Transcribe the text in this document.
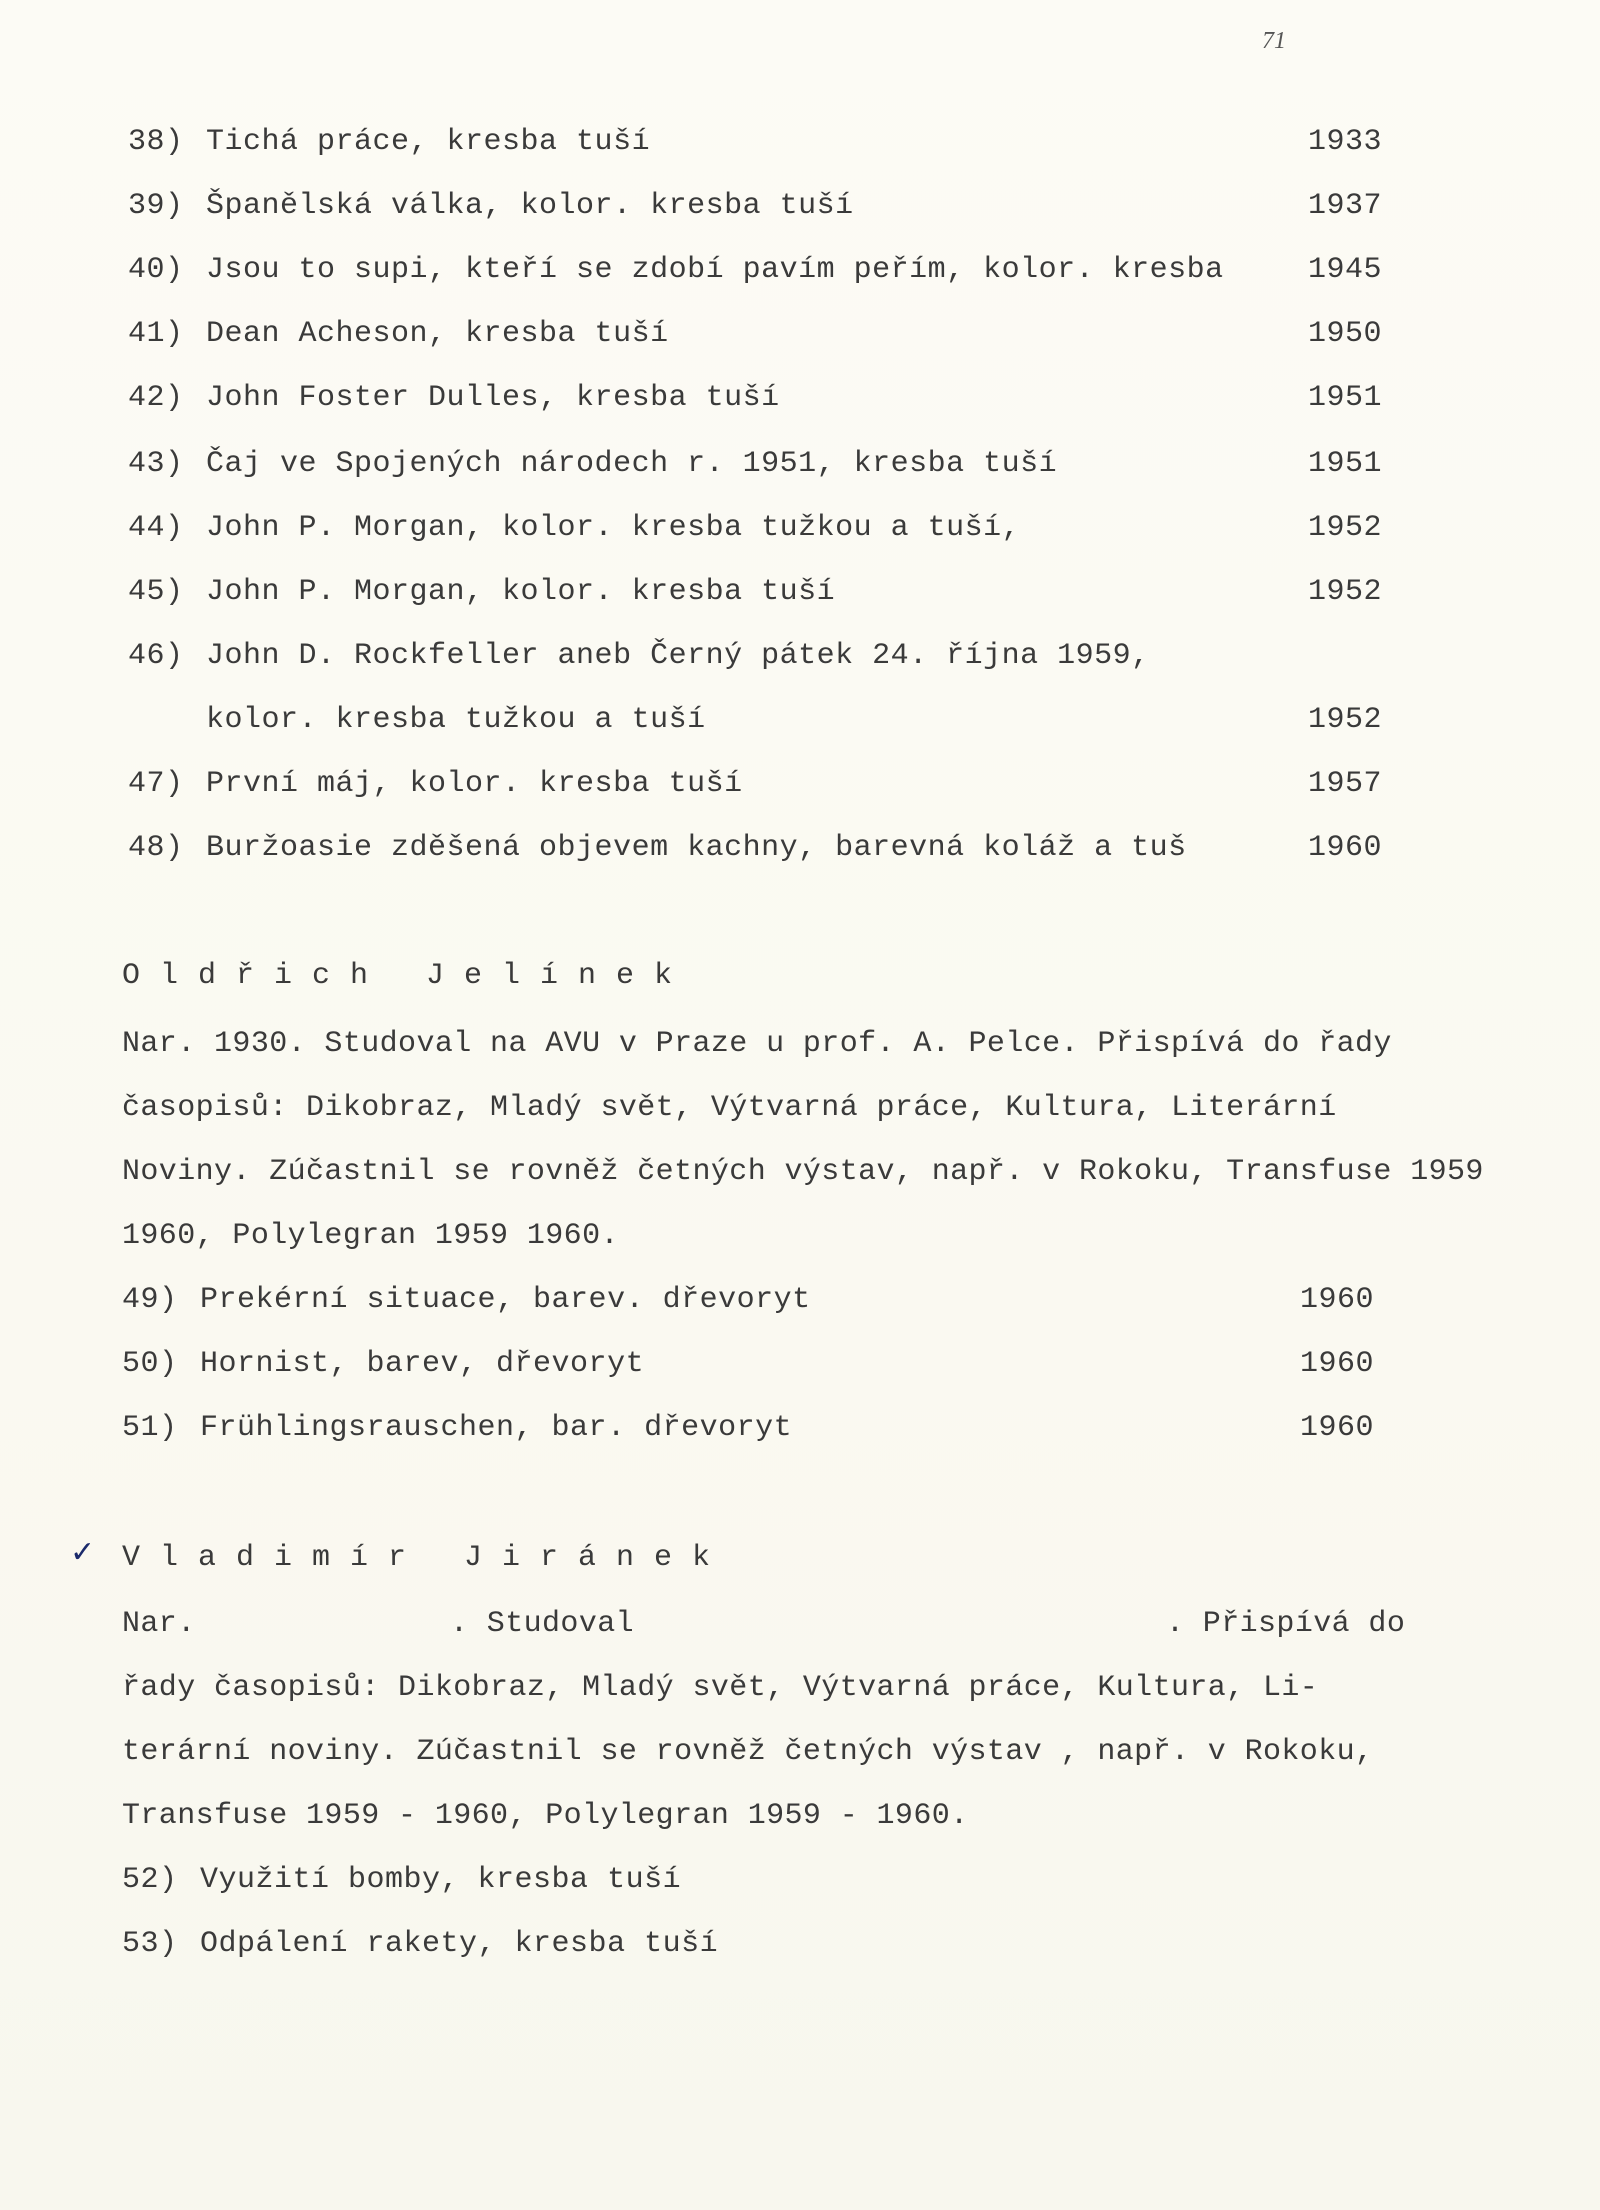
71
38) Tichá práce, kresba tuší	1933
39) Španělská válka, kolor. kresba tuší	1937
40) Jsou to supi, kteří se zdobí pavím peřím, kolor. kresba	1945
41) Dean Acheson, kresba tuší	1950
42) John Foster Dulles, kresba tuší	1951
43) Čaj ve Spojených národech r. 1951, kresba tuší	1951
44) John P. Morgan, kolor. kresba tužkou a tuší,	1952
45) John P. Morgan, kolor. kresba tuší	1952
46) John D. Rockfeller aneb Černý pátek 24. října 1959,
kolor. kresba tužkou a tuší	1952
47) První máj, kolor. kresba tuší	1957
48) Buržoasie zděšená objevem kachny, barevná koláž a tuš	1960
Oldřich Jelínek
Nar. 1930. Studoval na AVU v Praze u prof. A. Pelce. Přispívá do řady
časopisů: Dikobraz, Mladý svět, Výtvarná práce, Kultura, Literární
Noviny. Zúčastnil se rovněž četných výstav, např. v Rokoku, Transfuse 1959
1960, Polylegran 1959 1960.
49) Prekérní situace, barev. dřevoryt	1960
50) Hornist, barev, dřevoryt	1960
51) Frühlingsrauschen, bar. dřevoryt	1960
✓ Vladimír Jiránek
Nar.	. Studoval	. Přispívá do
řady časopisů: Dikobraz, Mladý svět, Výtvarná práce, Kultura, Li-
terární noviny. Zúčastnil se rovněž četných výstav , např. v Rokoku,
Transfuse 1959 - 1960, Polylegran 1959 - 1960.
52) Využití bomby, kresba tuší
53) Odpálení rakety, kresba tuší
